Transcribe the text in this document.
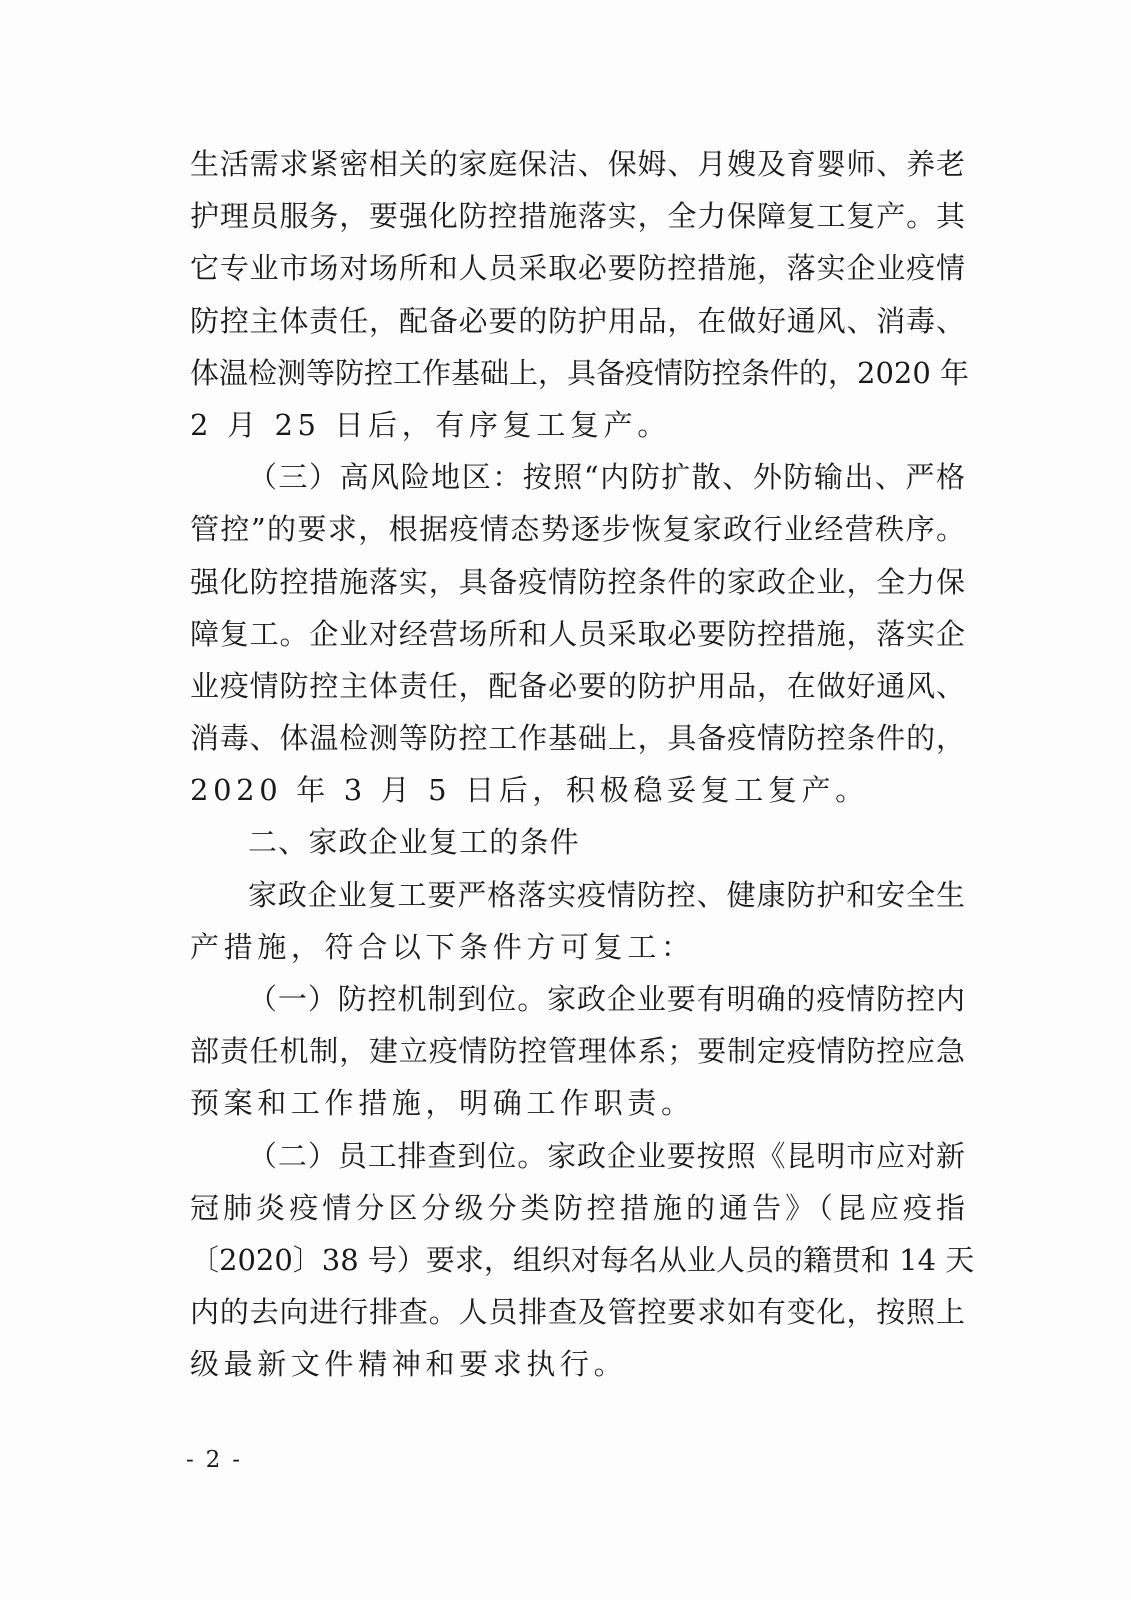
生活需求紧密相关的家庭保洁、保姆、月嫂及育婴师、养老
护理员服务，要强化防控措施落实，全力保障复工复产。其
它专业市场对场所和人员采取必要防控措施，落实企业疫情
防控主体责任，配备必要的防护用品，在做好通风、消毒、
体温检测等防控工作基础上，具备疫情防控条件的，2020 年
2 月 25 日后，有序复工复产。
（三）高风险地区：按照“内防扩散、外防输出、严格
管控”的要求，根据疫情态势逐步恢复家政行业经营秩序。
强化防控措施落实，具备疫情防控条件的家政企业，全力保
障复工。企业对经营场所和人员采取必要防控措施，落实企
业疫情防控主体责任，配备必要的防护用品，在做好通风、
消毒、体温检测等防控工作基础上，具备疫情防控条件的，
2020 年 3 月 5 日后，积极稳妥复工复产。
二、家政企业复工的条件
家政企业复工要严格落实疫情防控、健康防护和安全生
产措施，符合以下条件方可复工：
（一）防控机制到位。家政企业要有明确的疫情防控内
部责任机制，建立疫情防控管理体系；要制定疫情防控应急
预案和工作措施，明确工作职责。
（二）员工排查到位。家政企业要按照《昆明市应对新
冠肺炎疫情分区分级分类防控措施的通告》（昆应疫指
〔2020〕38 号）要求，组织对每名从业人员的籍贯和 14 天
内的去向进行排查。人员排查及管控要求如有变化，按照上
级最新文件精神和要求执行。
- 2 -
